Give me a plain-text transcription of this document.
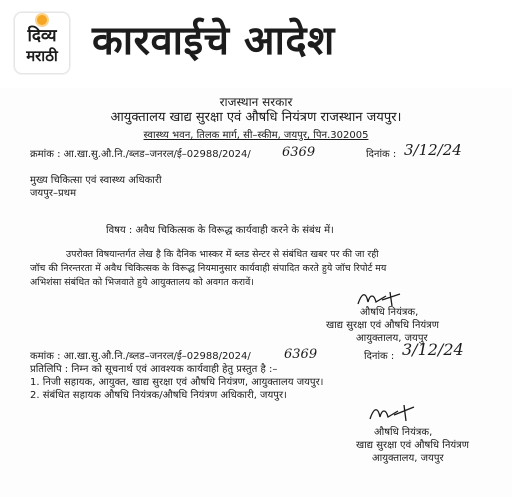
दिव्य
मराठी कारवाईचे आदेश
राजस्थान सरकार
आयुक्तालय खाद्य सुरक्षा एवं औषधि नियंत्रण राजस्थान जयपुर।
स्वास्थ्य भवन, तिलक मार्ग, सी–स्कीम, जयपुर, पिन.302005
क्रमांक : आ.खा.सु.औ.नि./ब्लड–जनरल/ई–02988/2024/ 6369	दिनांक : 3/12/24
मुख्य चिकित्सा एवं स्वास्थ्य अधिकारी
जयपुर–प्रथम
विषय : अवैध चिकित्सक के विरूद्ध कार्यवाही करने के संबंध में।
उपरोक्त विषयान्तर्गत लेख है कि दैनिक भास्कर में ब्लड सेन्टर से संबंधित खबर पर की जा रही
जॉच की निरन्तरता में अवैध चिकित्सक के विरूद्ध नियमानुसार कार्यवाही संपादित करते हुये जॉच रिपोर्ट मय
अभिशंसा संबंधित को भिजवाते हुये आयुक्तालय को अवगत करावें।
औषधि नियंत्रक,
खाद्य सुरक्षा एवं औषधि नियंत्रण
आयुक्तालय, जयपुर
कमांक : आ.खा.सु.औ.नि./ब्लड–जनरल/ई–02988/2024/	6369	दिनांक : 3/12/24
प्रतिलिपि : निम्न को सूचनार्थ एवं आवश्यक कार्यवाही हेतु प्रस्तुत है :–
1. निजी सहायक, आयुक्त, खाद्य सुरक्षा एवं औषधि नियंत्रण, आयुक्तालय जयपुर।
2. संबंधित सहायक औषधि नियंत्रक/औषधि नियंत्रण अधिकारी, जयपुर।
औषधि नियंत्रक,
खाद्य सुरक्षा एवं औषधि नियंत्रण
आयुक्तालय, जयपुर
